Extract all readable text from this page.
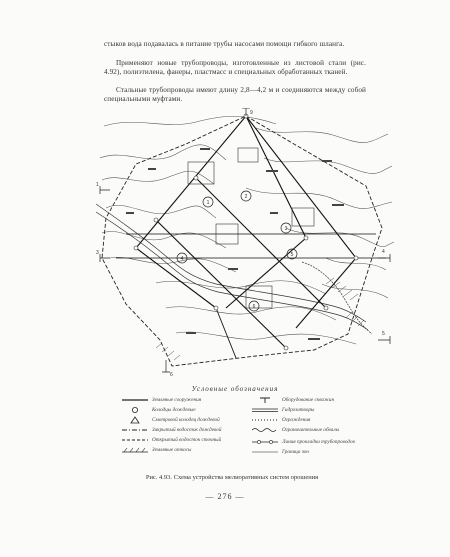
стыков вода подавалась в питание трубы насосами помощи гибкого шланга.
Применяют новые трубопроводы, изготовленные из листовой стали (рис. 4.92), полиэтилена, фанеры, пластмасс и специальных обработанных тканей.
Стальные трубопроводы имеют длину 2,8—4,2 м и соединяются между собой специальными муфтами.
1
2
3
4
5
6
1
3	4
5
6
9
Условные обозначения
Земляные сооружения
Колодцы дождевые
Смотровой колодец дождевой
Закрытый водосток дождевой
Открытый водосток сточный
Земляные откосы
Оборудование скважин
Гидрозатворы
Ограждения
Ограничительные обвалы
Линия прокладки трубопроводов
Граница зон
Рис. 4.93. Схема устройства мелиоративных систем орошения
— 276 —
